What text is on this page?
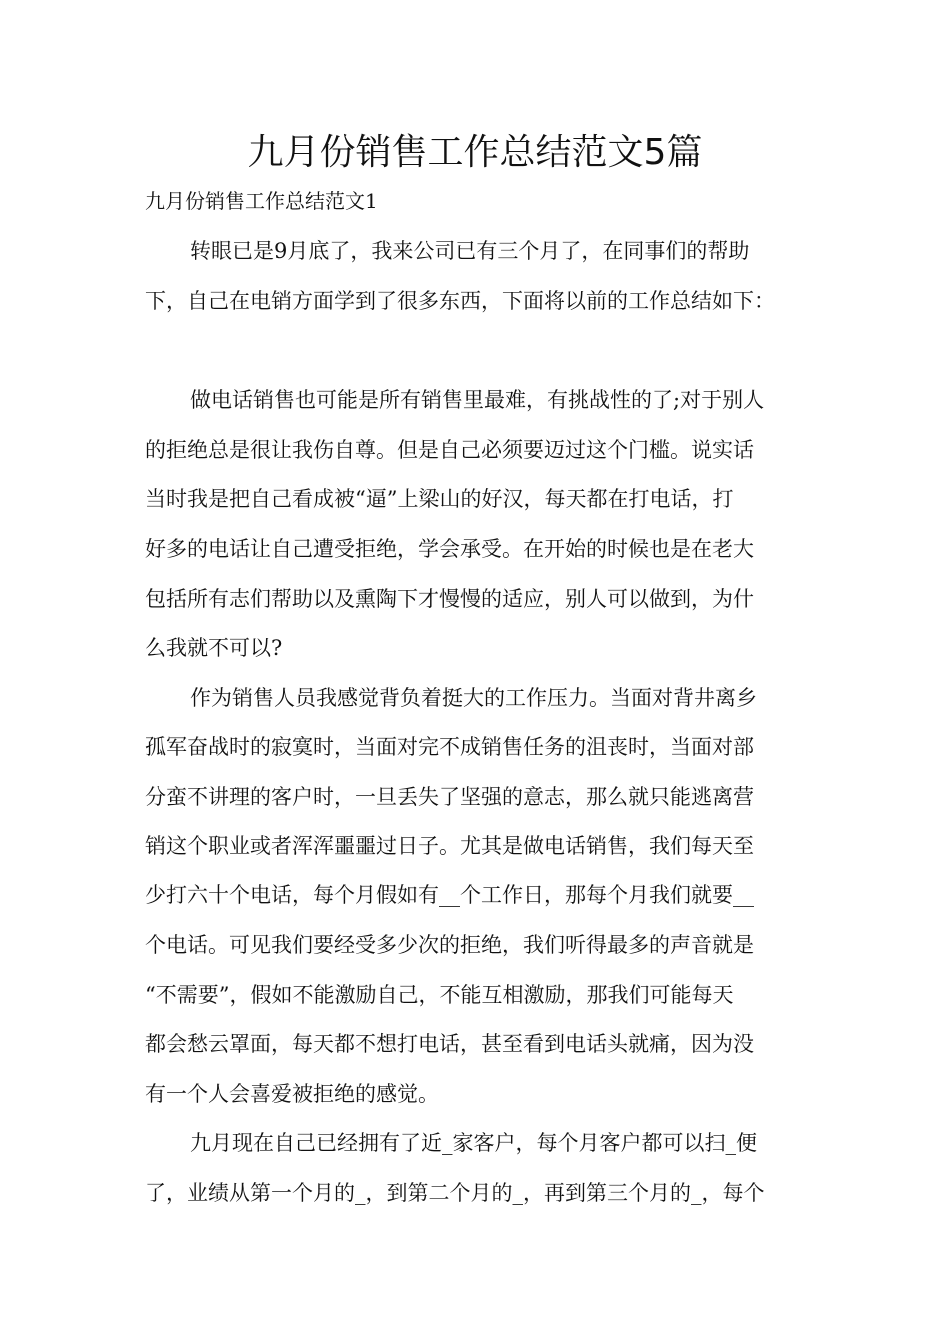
九月份销售工作总结范文5篇
九月份销售工作总结范文1
转眼已是9月底了，我来公司已有三个月了，在同事们的帮助
下，自己在电销方面学到了很多东西，下面将以前的工作总结如下：
做电话销售也可能是所有销售里最难，有挑战性的了;对于别人
的拒绝总是很让我伤自尊。但是自己必须要迈过这个门槛。说实话
当时我是把自己看成被“逼”上梁山的好汉，每天都在打电话，打
好多的电话让自己遭受拒绝，学会承受。在开始的时候也是在老大
包括所有志们帮助以及熏陶下才慢慢的适应，别人可以做到，为什
么我就不可以?
作为销售人员我感觉背负着挺大的工作压力。当面对背井离乡
孤军奋战时的寂寞时，当面对完不成销售任务的沮丧时，当面对部
分蛮不讲理的客户时，一旦丢失了坚强的意志，那么就只能逃离营
销这个职业或者浑浑噩噩过日子。尤其是做电话销售，我们每天至
少打六十个电话，每个月假如有__个工作日，那每个月我们就要__
个电话。可见我们要经受多少次的拒绝，我们听得最多的声音就是
“不需要”，假如不能激励自己，不能互相激励，那我们可能每天
都会愁云罩面，每天都不想打电话，甚至看到电话头就痛，因为没
有一个人会喜爱被拒绝的感觉。
九月现在自己已经拥有了近_家客户，每个月客户都可以扫_便
了，业绩从第一个月的_，到第二个月的_，再到第三个月的_，每个
